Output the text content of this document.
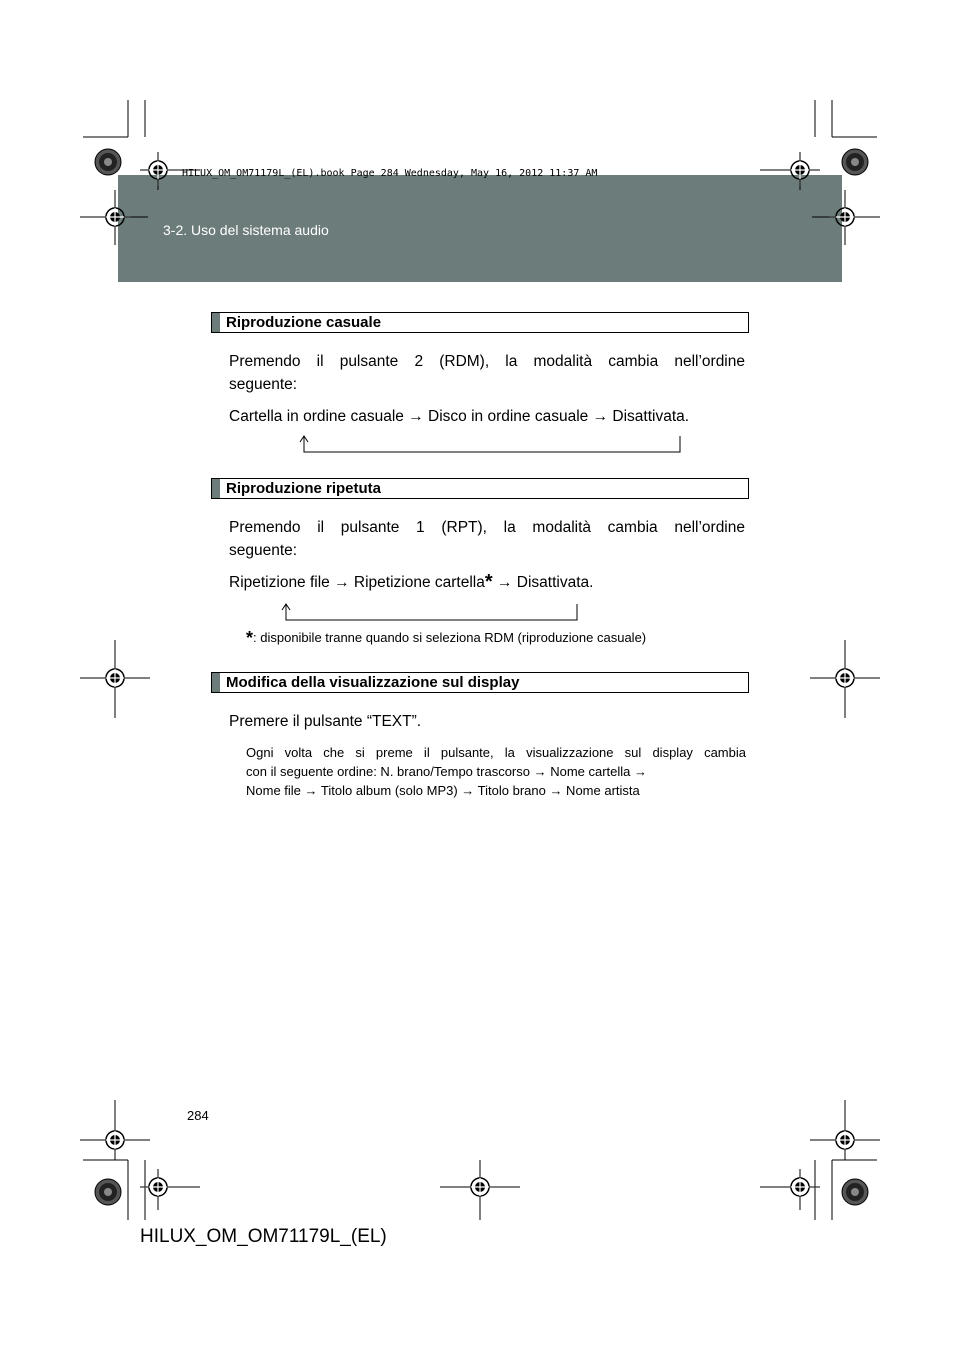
3-2. Uso del sistema audio
HILUX_OM_OM71179L_(EL).book Page 284 Wednesday, May 16, 2012 11:37 AM
Riproduzione casuale
Premendo il pulsante 2 (RDM), la modalità cambia nell’ordine
seguente:
Cartella in ordine casuale → Disco in ordine casuale → Disattivata.
Riproduzione ripetuta
Premendo il pulsante 1 (RPT), la modalità cambia nell’ordine
seguente:
Ripetizione file → Ripetizione cartella* → Disattivata.
*: disponibile tranne quando si seleziona RDM (riproduzione casuale)
Modifica della visualizzazione sul display
Premere il pulsante “TEXT”.
Ogni volta che si preme il pulsante, la visualizzazione sul display cambia
con il seguente ordine: N. brano/Tempo trascorso → Nome cartella →
Nome file → Titolo album (solo MP3) → Titolo brano → Nome artista
284
HILUX_OM_OM71179L_(EL)
